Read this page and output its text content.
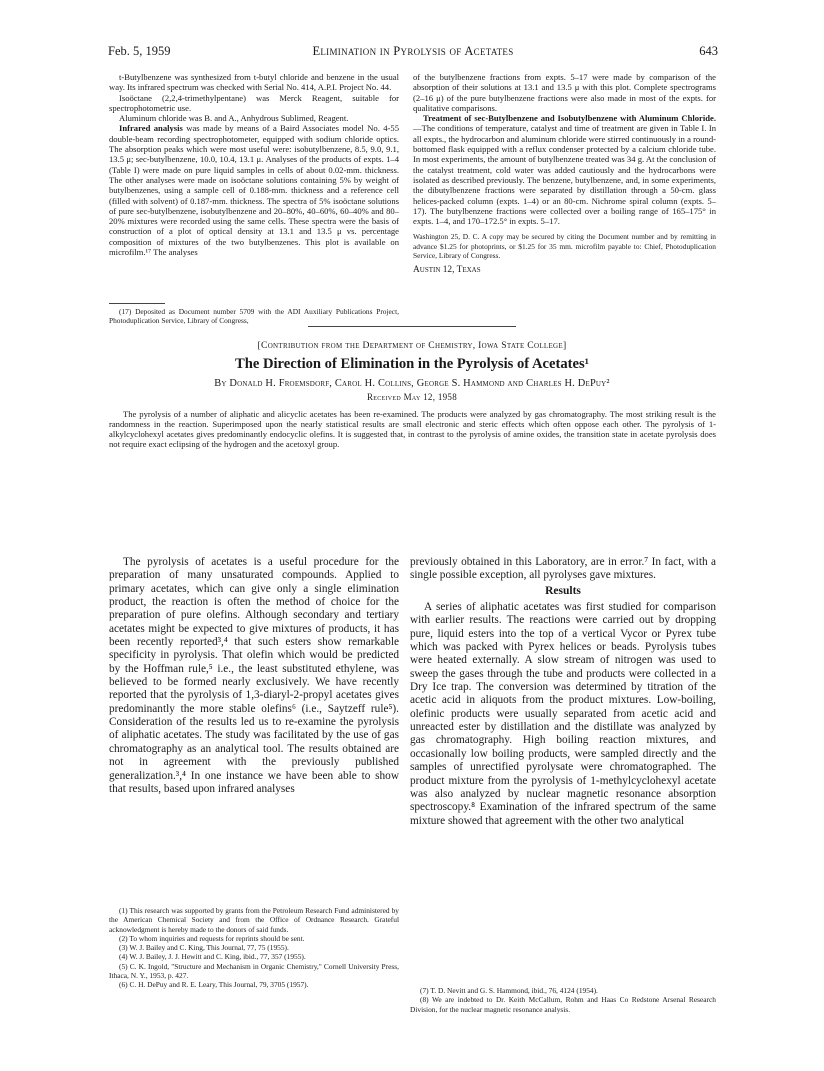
Feb. 5, 1959	Elimination in Pyrolysis of Acetates	643

t-Butylbenzene was synthesized from t-butyl chloride and benzene in the usual way. Its infrared spectrum was checked with Serial No. 414, A.P.I. Project No. 44.

Isoöctane (2,2,4-trimethylpentane) was Merck Reagent, suitable for spectrophotometric use.

Aluminum chloride was B. and A., Anhydrous Sublimed, Reagent.

Infrared analysis was made by means of a Baird Associates model No. 4-55 double-beam recording spectrophotometer, equipped with sodium chloride optics. The absorption peaks which were most useful were: isobutylbenzene, 8.5, 9.0, 9.1, 13.5 μ; sec-butylbenzene, 10.0, 10.4, 13.1 μ. Analyses of the products of expts. 1–4 (Table I) were made on pure liquid samples in cells of about 0.02-mm. thickness. The other analyses were made on isoöctane solutions containing 5% by weight of butylbenzenes, using a sample cell of 0.188-mm. thickness and a reference cell (filled with solvent) of 0.187-mm. thickness. The spectra of 5% isoöctane solutions of pure sec-butylbenzene, isobutylbenzene and 20–80%, 40–60%, 60–40% and 80–20% mixtures were recorded using the same cells. These spectra were the basis of construction of a plot of optical density at 13.1 and 13.5 μ vs. percentage composition of mixtures of the two butylbenzenes. This plot is available on microfilm.¹⁷ The analyses

(17) Deposited as Document number 5709 with the ADI Auxiliary Publications Project, Photoduplication Service, Library of Congress,

of the butylbenzene fractions from expts. 5–17 were made by comparison of the absorption of their solutions at 13.1 and 13.5 μ with this plot. Complete spectrograms (2–16 μ) of the pure butylbenzene fractions were also made in most of the expts. for qualitative comparisons.

Treatment of sec-Butylbenzene and Isobutylbenzene with Aluminum Chloride.—The conditions of temperature, catalyst and time of treatment are given in Table I. In all expts., the hydrocarbon and aluminum chloride were stirred continuously in a round-bottomed flask equipped with a reflux condenser protected by a calcium chloride tube. In most experiments, the amount of butylbenzene treated was 34 g. At the conclusion of the catalyst treatment, cold water was added cautiously and the hydrocarbons were isolated as described previously. The benzene, butylbenzene, and, in some experiments, the dibutylbenzene fractions were separated by distillation through a 50-cm. glass helices-packed column (expts. 1–4) or an 80-cm. Nichrome spiral column (expts. 5–17). The butylbenzene fractions were collected over a boiling range of 165–175° in expts. 1–4, and 170–172.5° in expts. 5–17.

Washington 25, D. C. A copy may be secured by citing the Document number and by remitting in advance $1.25 for photoprints, or $1.25 for 35 mm. microfilm payable to: Chief, Photoduplication Service, Library of Congress.

Austin 12, Texas

[Contribution from the Department of Chemistry, Iowa State College]
The Direction of Elimination in the Pyrolysis of Acetates¹
By Donald H. Froemsdorf, Carol H. Collins, George S. Hammond and Charles H. DePuy²
Received May 12, 1958

The pyrolysis of a number of aliphatic and alicyclic acetates has been re-examined. The products were analyzed by gas chromatography. The most striking result is the randomness in the reaction. Superimposed upon the nearly statistical results are small electronic and steric effects which often oppose each other. The pyrolysis of 1-alkylcyclohexyl acetates gives predominantly endocyclic olefins. It is suggested that, in contrast to the pyrolysis of amine oxides, the transition state in acetate pyrolysis does not require exact eclipsing of the hydrogen and the acetoxyl group.

The pyrolysis of acetates is a useful procedure for the preparation of many unsaturated compounds. Applied to primary acetates, which can give only a single elimination product, the reaction is often the method of choice for the preparation of pure olefins. Although secondary and tertiary acetates might be expected to give mixtures of products, it has been recently reported³,⁴ that such esters show remarkable specificity in pyrolysis. That olefin which would be predicted by the Hoffman rule,⁵ i.e., the least substituted ethylene, was believed to be formed nearly exclusively. We have recently reported that the pyrolysis of 1,3-diaryl-2-propyl acetates gives predominantly the more stable olefins⁶ (i.e., Saytzeff rule⁵). Consideration of the results led us to re-examine the pyrolysis of aliphatic acetates. The study was facilitated by the use of gas chromatography as an analytical tool. The results obtained are not in agreement with the previously published generalization.³,⁴ In one instance we have been able to show that results, based upon infrared analyses

(1) This research was supported by grants from the Petroleum Research Fund administered by the American Chemical Society and from the Office of Ordnance Research. Grateful acknowledgment is hereby made to the donors of said funds.

(2) To whom inquiries and requests for reprints should be sent.

(3) W. J. Bailey and C. King, This Journal, 77, 75 (1955).

(4) W. J. Bailey, J. J. Hewitt and C. King, ibid., 77, 357 (1955).

(5) C. K. Ingold, "Structure and Mechanism in Organic Chemistry," Cornell University Press, Ithaca, N. Y., 1953, p. 427.

(6) C. H. DePuy and R. E. Leary, This Journal, 79, 3705 (1957).

previously obtained in this Laboratory, are in error.⁷ In fact, with a single possible exception, all pyrolyses gave mixtures.

Results

A series of aliphatic acetates was first studied for comparison with earlier results. The reactions were carried out by dropping pure, liquid esters into the top of a vertical Vycor or Pyrex tube which was packed with Pyrex helices or beads. Pyrolysis tubes were heated externally. A slow stream of nitrogen was used to sweep the gases through the tube and products were collected in a Dry Ice trap. The conversion was determined by titration of the acetic acid in aliquots from the product mixtures. Low-boiling, olefinic products were usually separated from acetic acid and unreacted ester by distillation and the distillate was analyzed by gas chromatography. High boiling reaction mixtures, and occasionally low boiling products, were sampled directly and the samples of unrectified pyrolysate were chromatographed. The product mixture from the pyrolysis of 1-methylcyclohexyl acetate was also analyzed by nuclear magnetic resonance absorption spectroscopy.⁸ Examination of the infrared spectrum of the same mixture showed that agreement with the other two analytical

(7) T. D. Nevitt and G. S. Hammond, ibid., 76, 4124 (1954).

(8) We are indebted to Dr. Keith McCallum, Rohm and Haas Co Redstone Arsenal Research Division, for the nuclear magnetic resonance analysis.
